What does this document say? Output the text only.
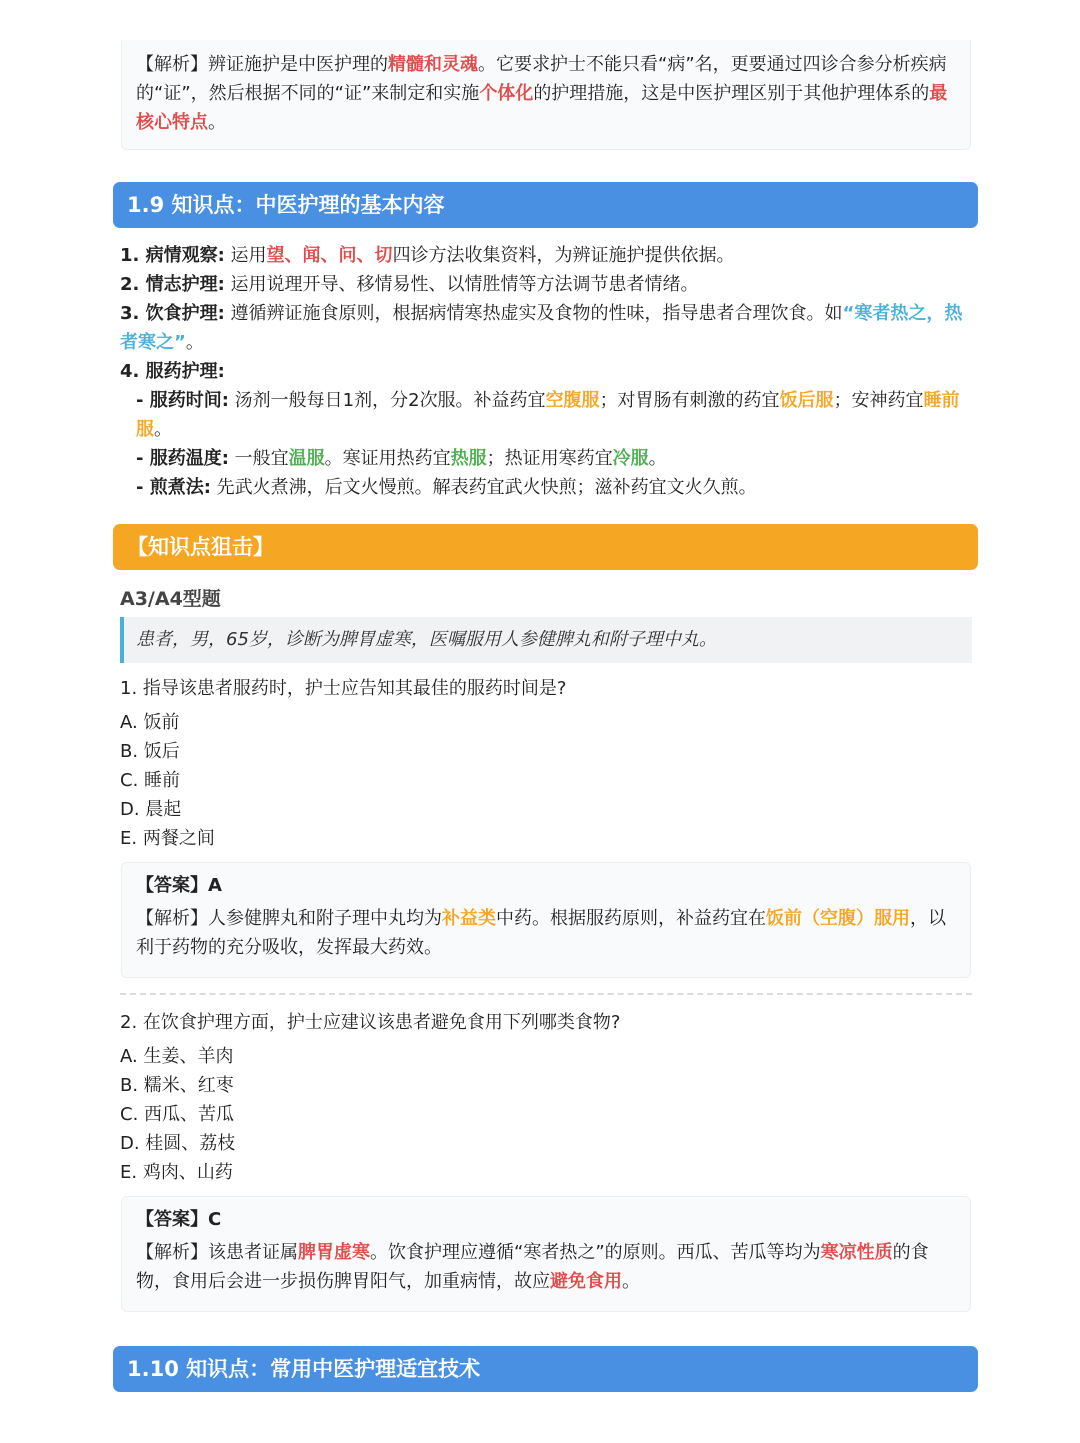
【解析】辨证施护是中医护理的精髓和灵魂。它要求护士不能只看“病”名，更要通过四诊合参分析疾病的“证”，然后根据不同的“证”来制定和实施个体化的护理措施，这是中医护理区别于其他护理体系的最核心特点。
1.9 知识点：中医护理的基本内容

1. 病情观察: 运用望、闻、问、切四诊方法收集资料，为辨证施护提供依据。

2. 情志护理: 运用说理开导、移情易性、以情胜情等方法调节患者情绪。

3. 饮食护理: 遵循辨证施食原则，根据病情寒热虚实及食物的性味，指导患者合理饮食。如“寒者热之，热者寒之”。

4. 服药护理:

- 服药时间: 汤剂一般每日1剂，分2次服。补益药宜空腹服；对胃肠有刺激的药宜饭后服；安神药宜睡前服。

- 服药温度: 一般宜温服。寒证用热药宜热服；热证用寒药宜冷服。

- 煎煮法: 先武火煮沸，后文火慢煎。解表药宜武火快煎；滋补药宜文火久煎。

【知识点狙击】
A3/A4型题
患者，男，65岁，诊断为脾胃虚寒，医嘱服用人参健脾丸和附子理中丸。
1. 指导该患者服药时，护士应告知其最佳的服药时间是?
A. 饭前
B. 饭后
C. 睡前
D. 晨起
E. 两餐之间
【答案】A
【解析】人参健脾丸和附子理中丸均为补益类中药。根据服药原则，补益药宜在饭前（空腹）服用，以利于药物的充分吸收，发挥最大药效。
2. 在饮食护理方面，护士应建议该患者避免食用下列哪类食物?
A. 生姜、羊肉
B. 糯米、红枣
C. 西瓜、苦瓜
D. 桂圆、荔枝
E. 鸡肉、山药
【答案】C
【解析】该患者证属脾胃虚寒。饮食护理应遵循“寒者热之”的原则。西瓜、苦瓜等均为寒凉性质的食物，食用后会进一步损伤脾胃阳气，加重病情，故应避免食用。
1.10 知识点：常用中医护理适宜技术
